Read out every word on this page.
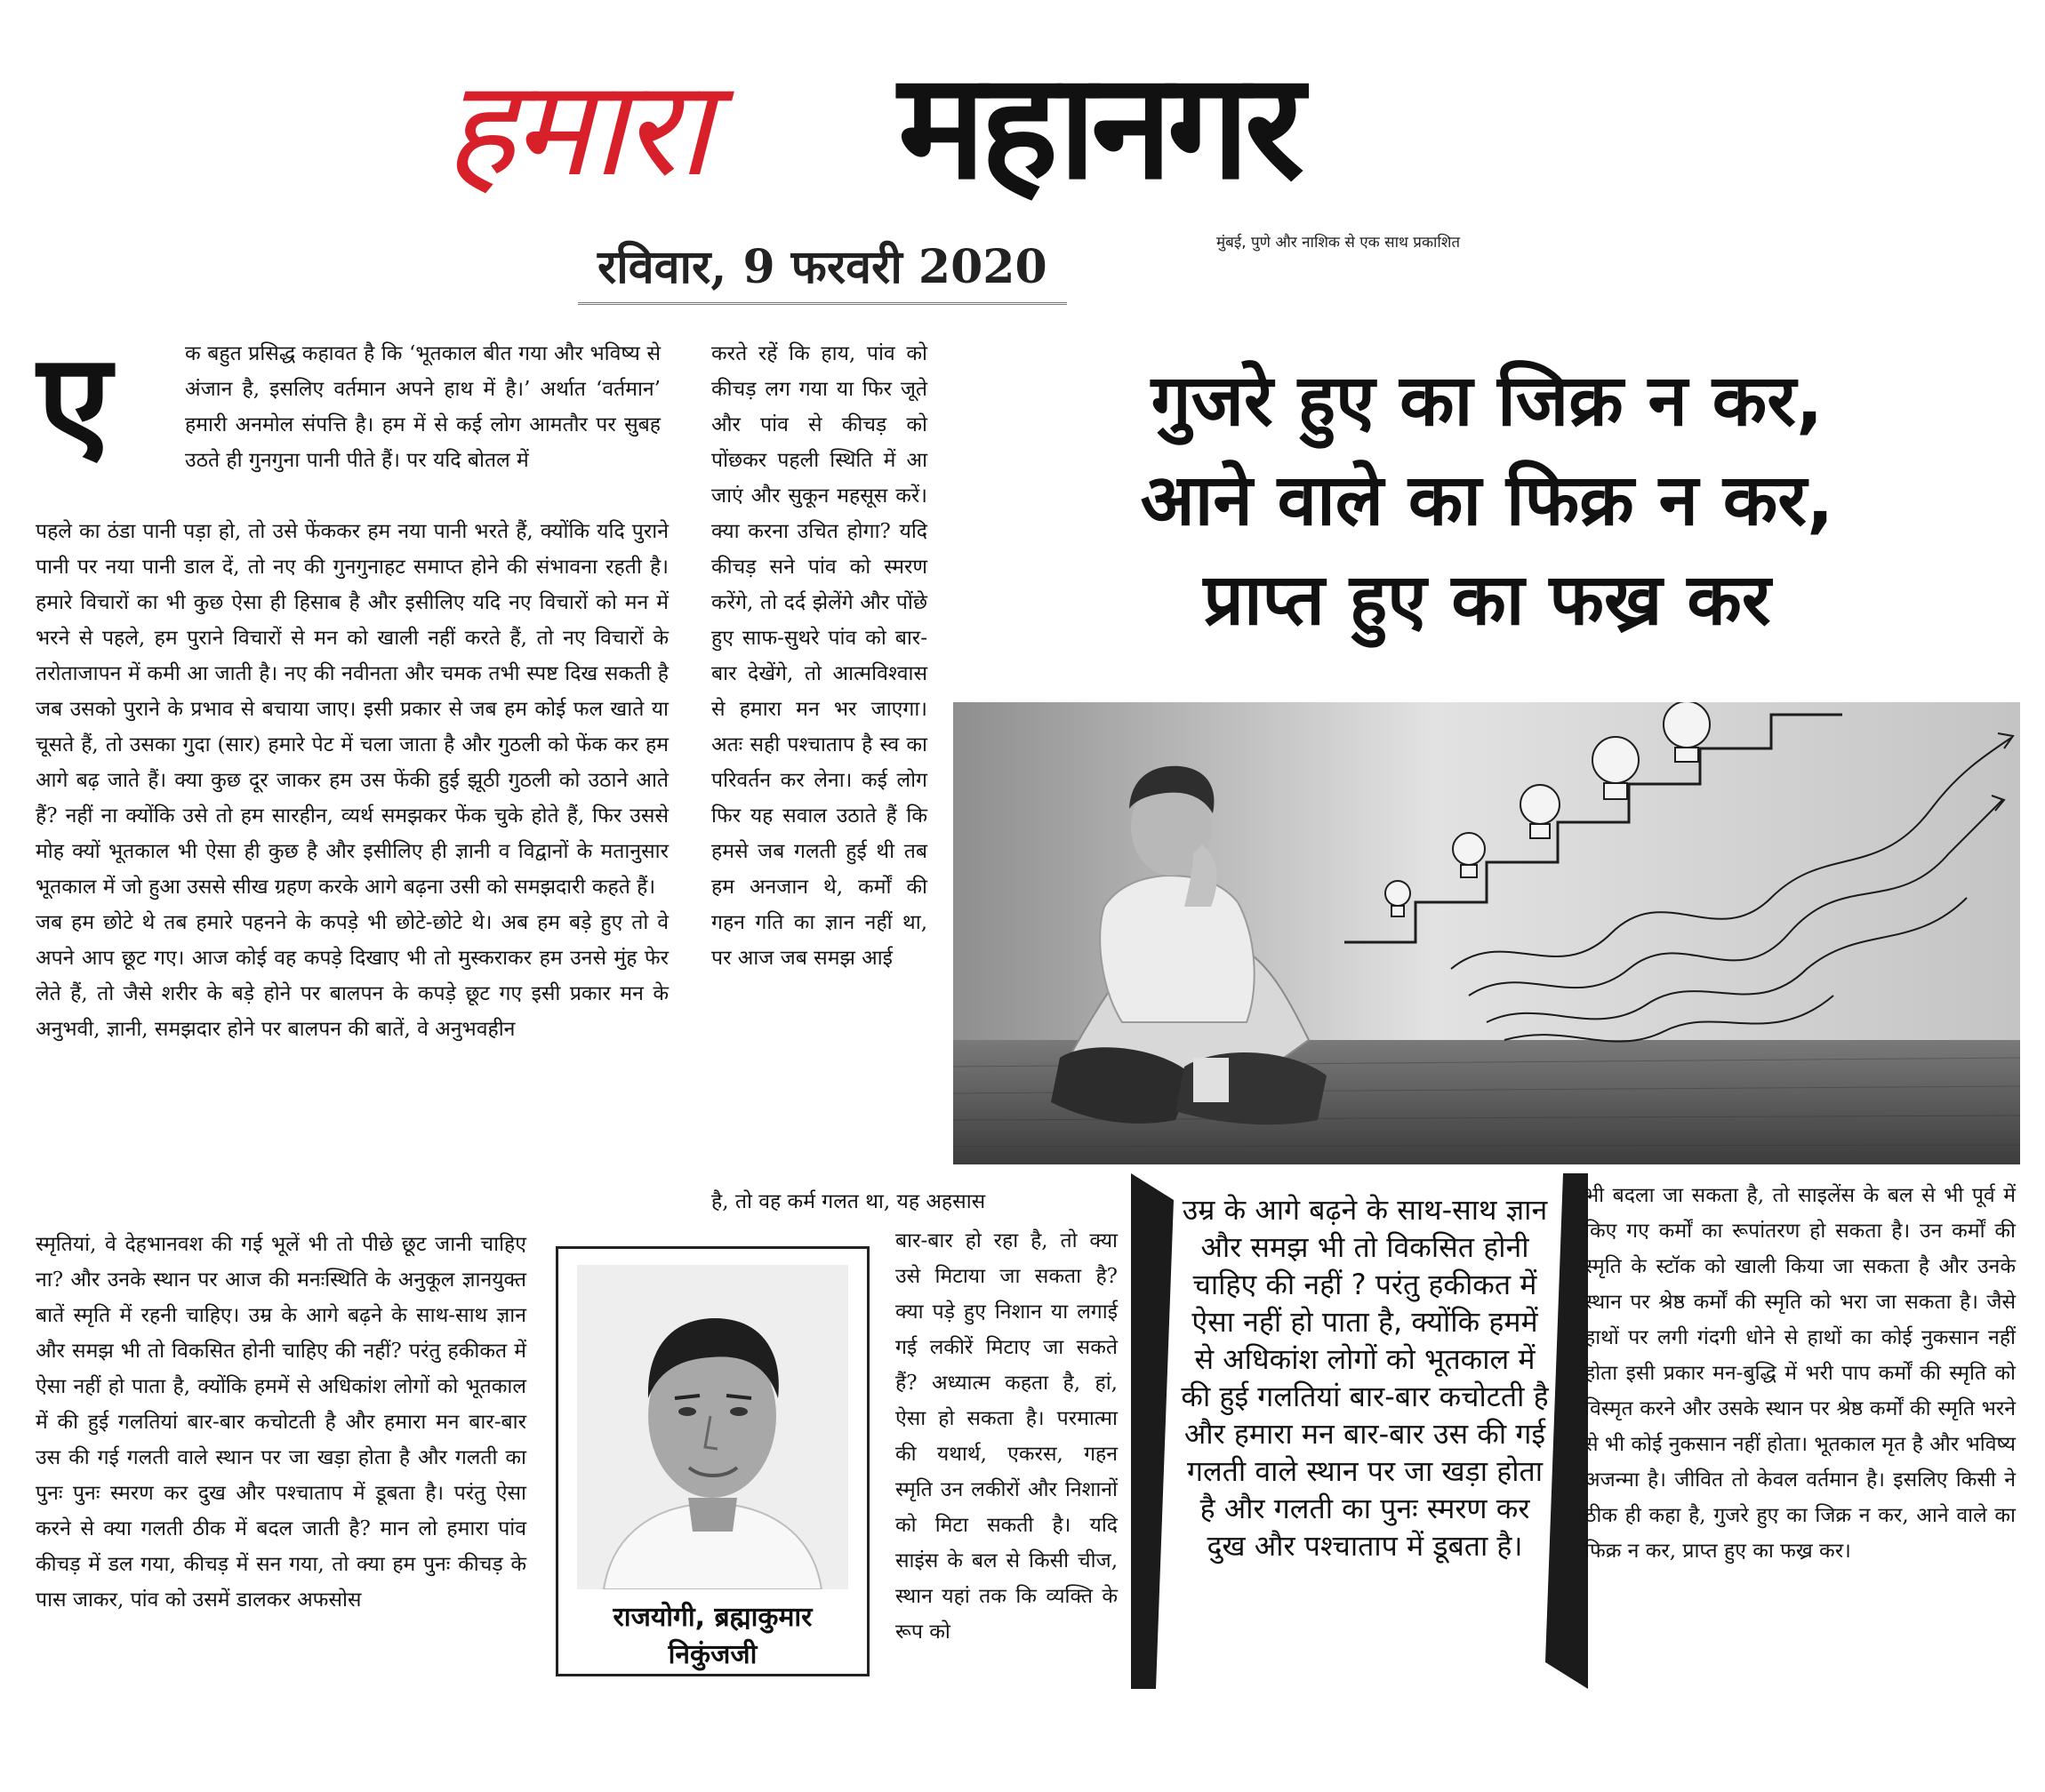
हमारा महानगर
रविवार, 9 फरवरी 2020	मुंबई, पुणे और नाशिक से एक साथ प्रकाशित
ए	क बहुत प्रसिद्ध कहावत है कि ‘भूतकाल बीत गया और भविष्य से अंजान है, इसलिए वर्तमान अपने हाथ में है।’ अर्थात ‘वर्तमान’ हमारी अनमोल संपत्ति है। हम में से कई लोग आमतौर पर सुबह उठते ही गुनगुना पानी पीते हैं। पर यदि बोतल में

पहले का ठंडा पानी पड़ा हो, तो उसे फेंककर हम नया पानी भरते हैं, क्योंकि यदि पुराने पानी पर नया पानी डाल दें, तो नए की गुनगुनाहट समाप्त होने की संभावना रहती है। हमारे विचारों का भी कुछ ऐसा ही हिसाब है और इसीलिए यदि नए विचारों को मन में भरने से पहले, हम पुराने विचारों से मन को खाली नहीं करते हैं, तो नए विचारों के तरोताजापन में कमी आ जाती है। नए की नवीनता और चमक तभी स्पष्ट दिख सकती है जब उसको पुराने के प्रभाव से बचाया जाए। इसी प्रकार से जब हम कोई फल खाते या चूसते हैं, तो उसका गुदा (सार) हमारे पेट में चला जाता है और गुठली को फेंक कर हम आगे बढ़ जाते हैं। क्या कुछ दूर जाकर हम उस फेंकी हुई झूठी गुठली को उठाने आते हैं? नहीं ना क्योंकि उसे तो हम सारहीन, व्यर्थ समझकर फेंक चुके होते हैं, फिर उससे मोह क्यों भूतकाल भी ऐसा ही कुछ है और इसीलिए ही ज्ञानी व विद्वानों के मतानुसार भूतकाल में जो हुआ उससे सीख ग्रहण करके आगे बढ़ना उसी को समझदारी कहते हैं।

जब हम छोटे थे तब हमारे पहनने के कपड़े भी छोटे-छोटे थे। अब हम बड़े हुए तो वे अपने आप छूट गए। आज कोई वह कपड़े दिखाए भी तो मुस्कराकर हम उनसे मुंह फेर लेते हैं, तो जैसे शरीर के बड़े होने पर बालपन के कपड़े छूट गए इसी प्रकार मन के अनुभवी, ज्ञानी, समझदार होने पर बालपन की बातें, वे अनुभवहीन

स्मृतियां, वे देहभानवश की गई भूलें भी तो पीछे छूट जानी चाहिए ना? और उनके स्थान पर आज की मनःस्थिति के अनुकूल ज्ञानयुक्त बातें स्मृति में रहनी चाहिए। उम्र के आगे बढ़ने के साथ-साथ ज्ञान और समझ भी तो विकसित होनी चाहिए की नहीं? परंतु हकीकत में ऐसा नहीं हो पाता है, क्योंकि हममें से अधिकांश लोगों को भूतकाल में की हुई गलतियां बार-बार कचोटती है और हमारा मन बार-बार उस की गई गलती वाले स्थान पर जा खड़ा होता है और गलती का पुनः पुनः स्मरण कर दुख और पश्चाताप में डूबता है। परंतु ऐसा करने से क्या गलती ठीक में बदल जाती है? मान लो हमारा पांव कीचड़ में डल गया, कीचड़ में सन गया, तो क्या हम पुनः कीचड़ के पास जाकर, पांव को उसमें डालकर अफसोस

करते रहें कि हाय, पांव को कीचड़ लग गया या फिर जूते और पांव से कीचड़ को पोंछकर पहली स्थिति में आ जाएं और सुकून महसूस करें। क्या करना उचित होगा? यदि कीचड़ सने पांव को स्मरण करेंगे, तो दर्द झेलेंगे और पोंछे हुए साफ-सुथरे पांव को बार-बार देखेंगे, तो आत्मविश्वास से हमारा मन भर जाएगा। अतः सही पश्चाताप है स्व का परिवर्तन कर लेना। कई लोग फिर यह सवाल उठाते हैं कि हमसे जब गलती हुई थी तब हम अनजान थे, कर्मों की गहन गति का ज्ञान नहीं था, पर आज जब समझ आई

है, तो वह कर्म गलत था, यह अहसास

बार-बार हो रहा है, तो क्या उसे मिटाया जा सकता है? क्या पड़े हुए निशान या लगाई गई लकीरें मिटाए जा सकते हैं? अध्यात्म कहता है, हां, ऐसा हो सकता है। परमात्मा की यथार्थ, एकरस, गहन स्मृति उन लकीरों और निशानों को मिटा सकती है। यदि साइंस के बल से किसी चीज, स्थान यहां तक कि व्यक्ति के रूप को

राजयोगी, ब्रह्माकुमार
निकुंजजी
गुजरे हुए का जिक्र न कर,
आने वाले का फिक्र न कर,
प्राप्त हुए का फख्र कर
उम्र के आगे बढ़ने के साथ-साथ ज्ञान और समझ भी तो विकसित होनी चाहिए की नहीं ? परंतु हकीकत में ऐसा नहीं हो पाता है, क्योंकि हममें से अधिकांश लोगों को भूतकाल में की हुई गलतियां बार-बार कचोटती है और हमारा मन बार-बार उस की गई गलती वाले स्थान पर जा खड़ा होता है और गलती का पुनः स्मरण कर दुख और पश्चाताप में डूबता है।

भी बदला जा सकता है, तो साइलेंस के बल से भी पूर्व में किए गए कर्मों का रूपांतरण हो सकता है। उन कर्मों की स्मृति के स्टॉक को खाली किया जा सकता है और उनके स्थान पर श्रेष्ठ कर्मों की स्मृति को भरा जा सकता है। जैसे हाथों पर लगी गंदगी धोने से हाथों का कोई नुकसान नहीं होता इसी प्रकार मन-बुद्धि में भरी पाप कर्मों की स्मृति को विस्मृत करने और उसके स्थान पर श्रेष्ठ कर्मों की स्मृति भरने से भी कोई नुकसान नहीं होता। भूतकाल मृत है और भविष्य अजन्मा है। जीवित तो केवल वर्तमान है। इसलिए किसी ने ठीक ही कहा है, गुजरे हुए का जिक्र न कर, आने वाले का फिक्र न कर, प्राप्त हुए का फख्र कर।
